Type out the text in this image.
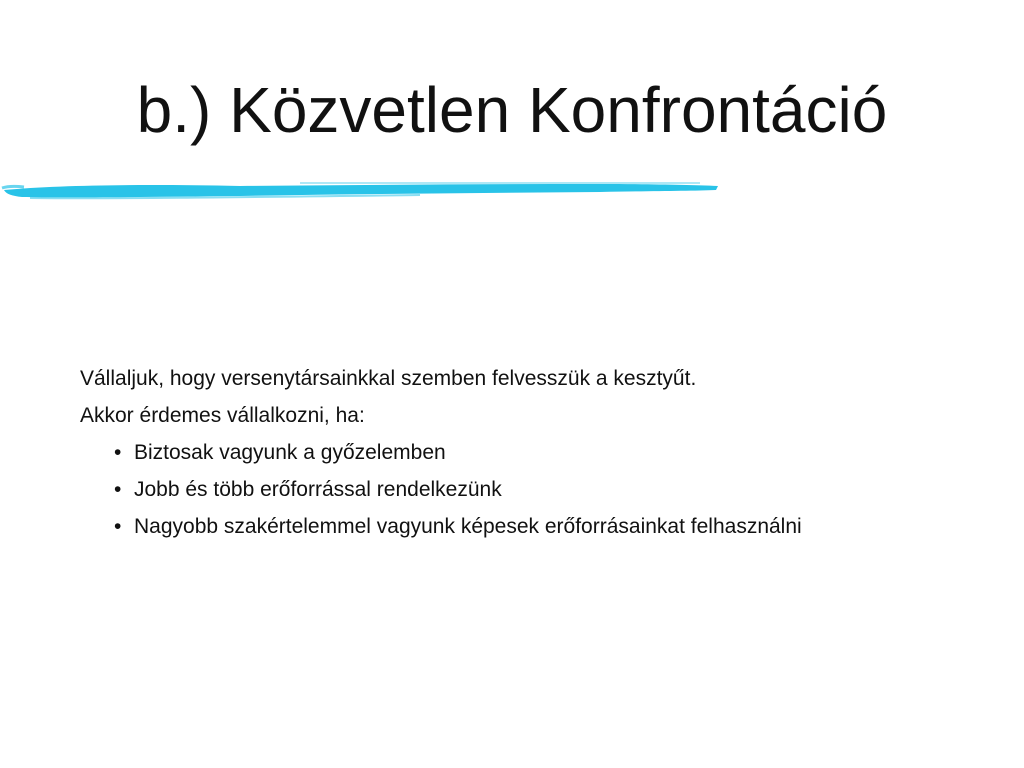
b.) Közvetlen Konfrontáció

Vállaljuk, hogy versenytársainkkal szemben felvesszük a kesztyűt.

Akkor érdemes vállalkozni, ha:

• Biztosak vagyunk a győzelemben
• Jobb és több erőforrással rendelkezünk
• Nagyobb szakértelemmel vagyunk képesek erőforrásainkat felhasználni
